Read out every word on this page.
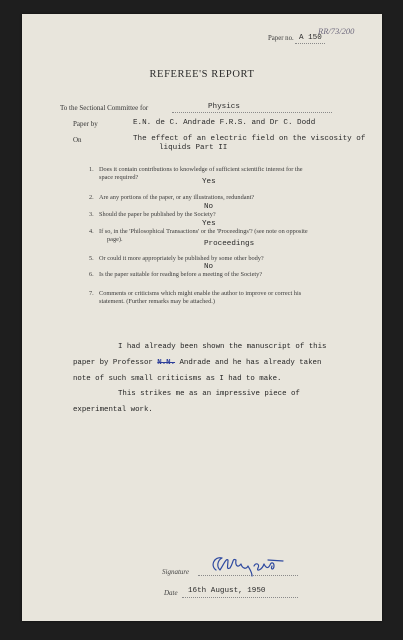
RR/73/200
Paper no. A 150
REFEREE'S REPORT
To the Sectional Committee for	Physics
Paper by	E.N. de C. Andrade F.R.S. and Dr C. Dodd
On	The effect of an electric field on the viscosity of
liquids Part II
1. Does it contain contributions to knowledge of sufficient scientific interest for the
space required?
Yes
2. Are any portions of the paper, or any illustrations, redundant?
No
3. Should the paper be published by the Society?
Yes
4. If so, in the 'Philosophical Transactions' or the 'Proceedings'? (see note on opposite
page).
Proceedings
5. Or could it more appropriately be published by some other body?
No
6. Is the paper suitable for reading before a meeting of the Society?
7. Comments or criticisms which might enable the author to improve or correct his
statement. (Further remarks may be attached.)
I had already been shown the manuscript of this
paper by Professor N.N. Andrade and he has already taken
note of such small criticisms as I had to make.
This strikes me as an impressive piece of
experimental work.
Signature
Date 16th August, 1950
